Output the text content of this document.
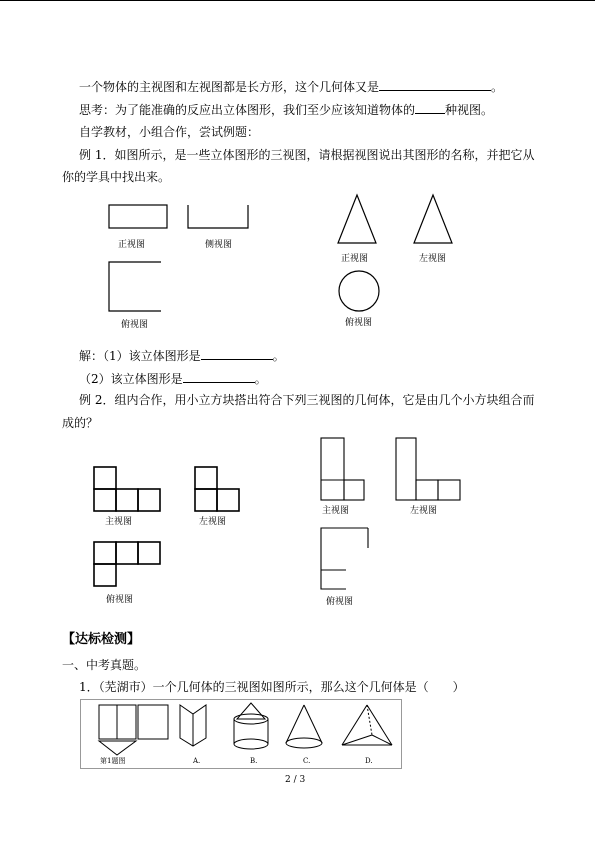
一个物体的主视图和左视图都是长方形，这个几何体又是	。
思考：为了能准确的反应出立体图形，我们至少应该知道物体的	种视图。
自学教材，小组合作，尝试例题：
例 1．如图所示，是一些立体图形的三视图，请根据视图说出其图形的名称，并把它从
你的学具中找出来。
正视图	侧视图
俯视图
正视图	左视图
俯视图
解：（1）该立体图形是	。
（2）该立体图形是	。
例 2．组内合作，用小立方块搭出符合下列三视图的几何体，它是由几个小方块组合而
成的？
主视图	左视图
俯视图
主视图	左视图
俯视图
【达标检测】
一、中考真题。
1．（芜湖市）一个几何体的三视图如图所示，那么这个几何体是（　　）
第1题图	A.	B.	C.	D.
2 / 3
